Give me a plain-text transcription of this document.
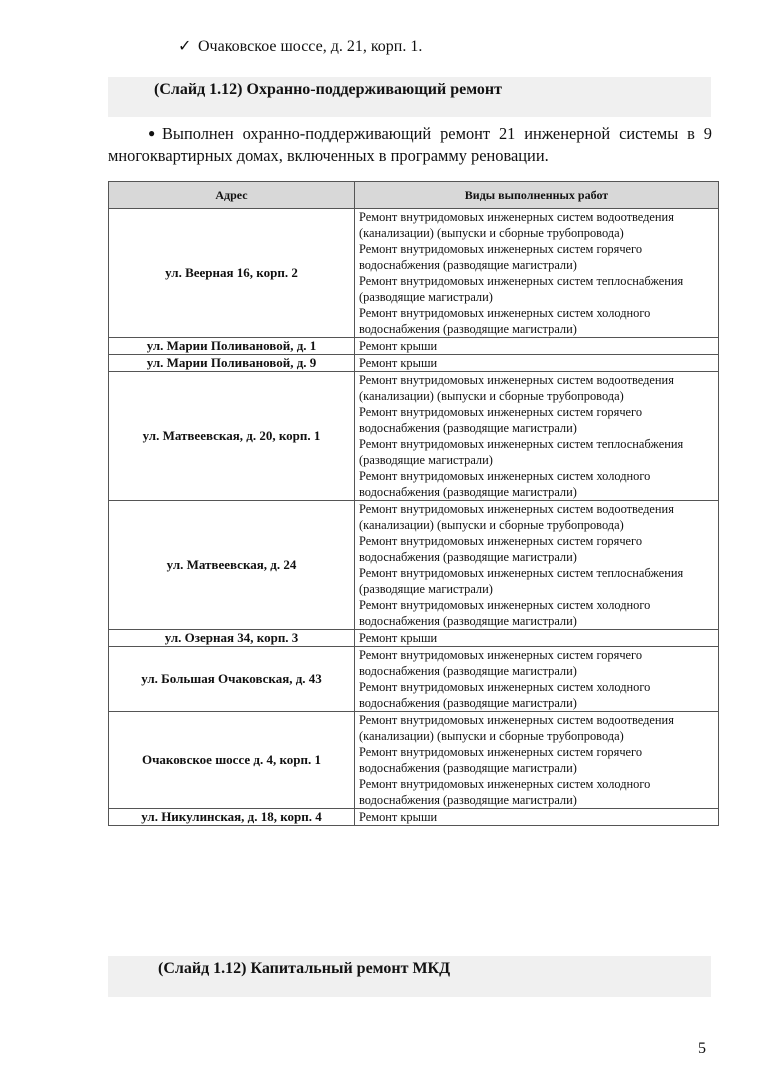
✓ Очаковское шоссе, д. 21, корп. 1.
(Слайд 1.12) Охранно-поддерживающий ремонт
● Выполнен охранно-поддерживающий ремонт 21 инженерной системы в 9 многоквартирных домах, включенных в программу реновации.
Адрес	Виды выполненных работ
ул. Веерная 16, корп. 2	Ремонт внутридомовых инженерных систем водоотведения (канализации) (выпуски и сборные трубопровода)
Ремонт внутридомовых инженерных систем горячего водоснабжения (разводящие магистрали)
Ремонт внутридомовых инженерных систем теплоснабжения (разводящие магистрали)
Ремонт внутридомовых инженерных систем холодного водоснабжения (разводящие магистрали)

ул. Марии Поливановой, д. 1	Ремонт крыши

ул. Марии Поливановой, д. 9	Ремонт крыши

ул. Матвеевская, д. 20, корп. 1	Ремонт внутридомовых инженерных систем водоотведения (канализации) (выпуски и сборные трубопровода)
Ремонт внутридомовых инженерных систем горячего водоснабжения (разводящие магистрали)
Ремонт внутридомовых инженерных систем теплоснабжения (разводящие магистрали)
Ремонт внутридомовых инженерных систем холодного водоснабжения (разводящие магистрали)

ул. Матвеевская, д. 24	Ремонт внутридомовых инженерных систем водоотведения (канализации) (выпуски и сборные трубопровода)
Ремонт внутридомовых инженерных систем горячего водоснабжения (разводящие магистрали)
Ремонт внутридомовых инженерных систем теплоснабжения (разводящие магистрали)
Ремонт внутридомовых инженерных систем холодного водоснабжения (разводящие магистрали)

ул. Озерная 34, корп. 3	Ремонт крыши

ул. Большая Очаковская, д. 43	Ремонт внутридомовых инженерных систем горячего водоснабжения (разводящие магистрали)
Ремонт внутридомовых инженерных систем холодного водоснабжения (разводящие магистрали)

Очаковское шоссе д. 4, корп. 1	Ремонт внутридомовых инженерных систем водоотведения (канализации) (выпуски и сборные трубопровода)
Ремонт внутридомовых инженерных систем горячего водоснабжения (разводящие магистрали)
Ремонт внутридомовых инженерных систем холодного водоснабжения (разводящие магистрали)

ул. Никулинская, д. 18, корп. 4	Ремонт крыши
(Слайд 1.12) Капитальный ремонт МКД
5
